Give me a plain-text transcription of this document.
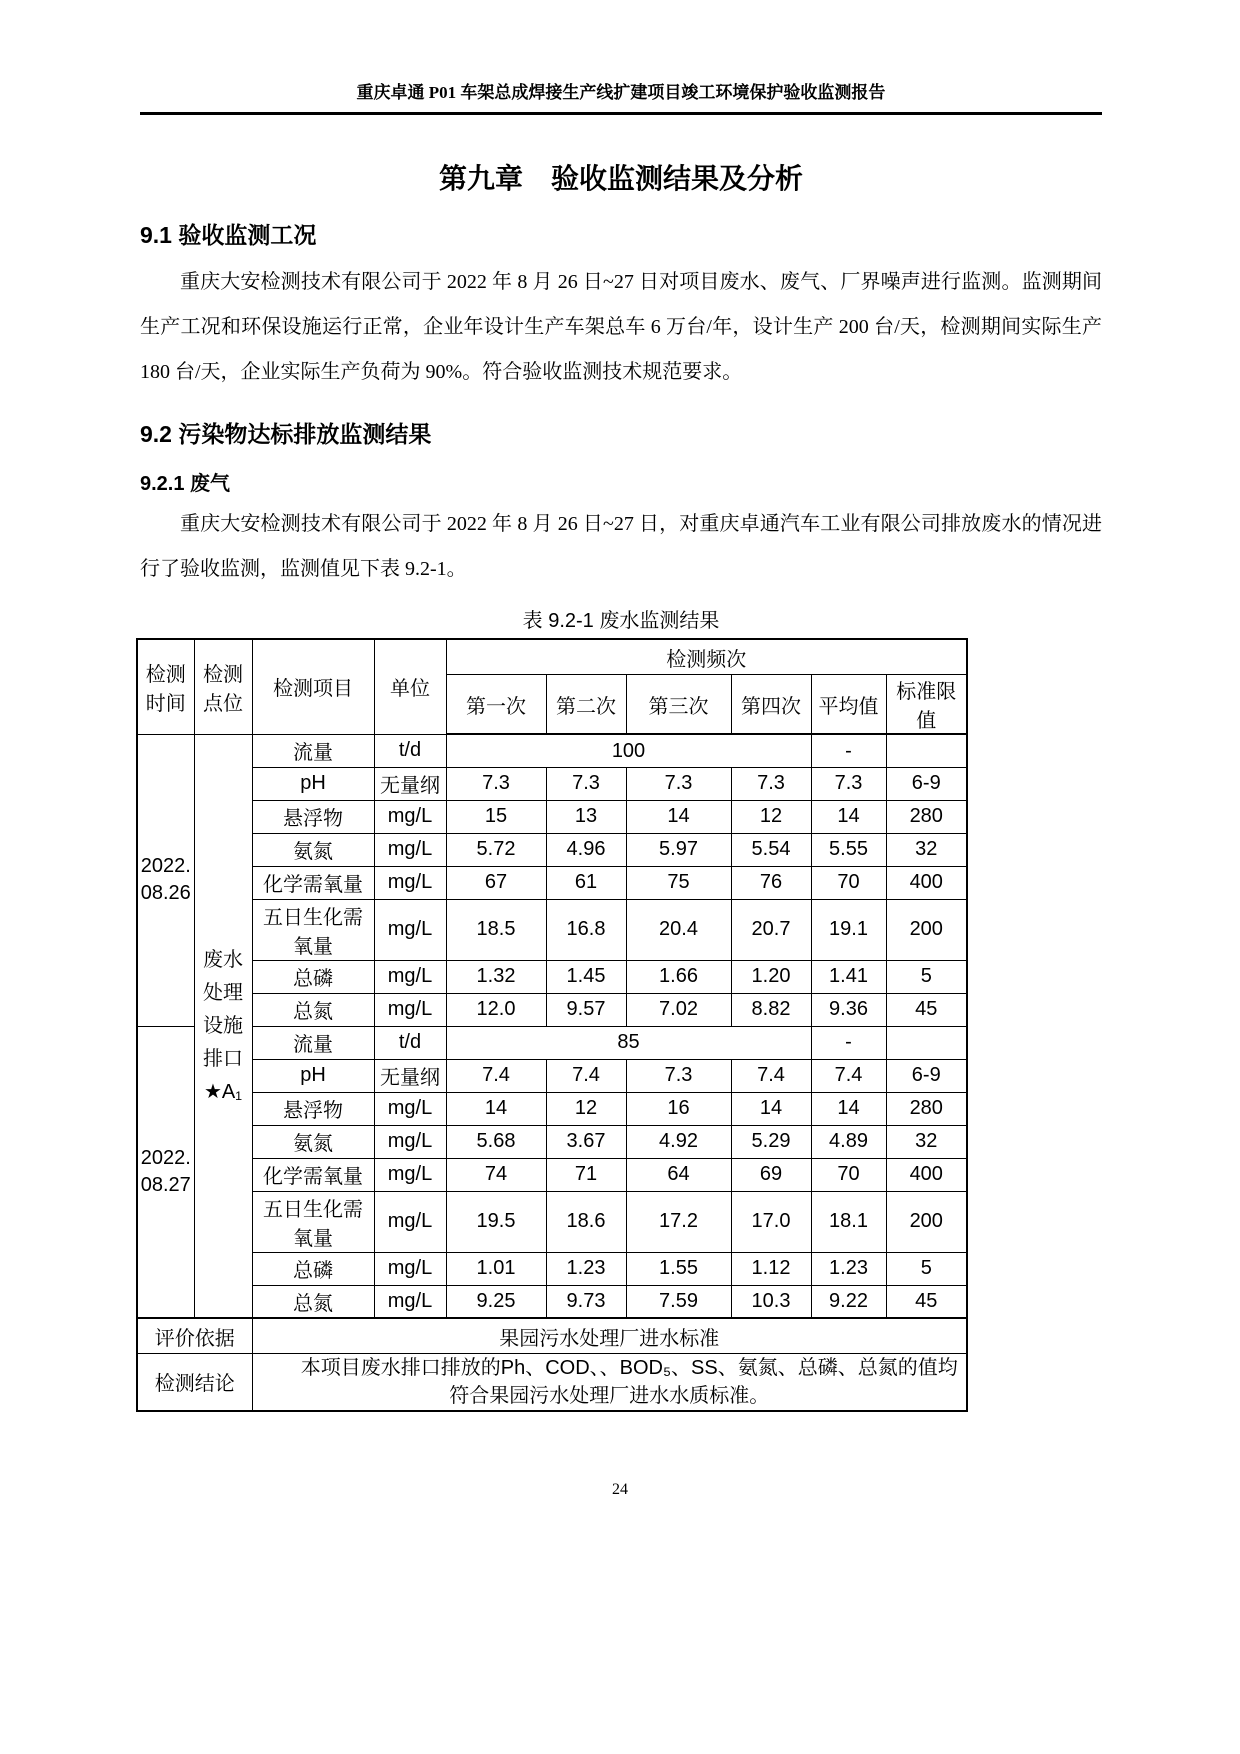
重庆卓通 P01 车架总成焊接生产线扩建项目竣工环境保护验收监测报告
第九章　验收监测结果及分析
9.1 验收监测工况

重庆大安检测技术有限公司于 2022 年 8 月 26 日~27 日对项目废水、废气、厂界噪声进行监测。监测期间生产工况和环保设施运行正常，企业年设计生产车架总车 6 万台/年，设计生产 200 台/天，检测期间实际生产 180 台/天，企业实际生产负荷为 90%。符合验收监测技术规范要求。

9.2 污染物达标排放监测结果
9.2.1 废气

重庆大安检测技术有限公司于 2022 年 8 月 26 日~27 日，对重庆卓通汽车工业有限公司排放废水的情况进行了验收监测，监测值见下表 9.2-1。

表 9.2-1 废水监测结果
检测时间	检测点位	检测项目	单位	检测频次					
				第一次	第二次	第三次	第四次	平均值	标准限值

2022.
08.26	废水处理设施排口★A₁	流量	t/d	100				-	
		pH	无量纲	7.3	7.3	7.3	7.3	7.3	6-9
		悬浮物	mg/L	15	13	14	12	14	280
		氨氮	mg/L	5.72	4.96	5.97	5.54	5.55	32
		化学需氧量	mg/L	67	61	75	76	70	400
		五日生化需氧量	mg/L	18.5	16.8	20.4	20.7	19.1	200
		总磷	mg/L	1.32	1.45	1.66	1.20	1.41	5
		总氮	mg/L	12.0	9.57	7.02	8.82	9.36	45

2022.
08.27		流量	t/d	85				-	
		pH	无量纲	7.4	7.4	7.3	7.4	7.4	6-9
		悬浮物	mg/L	14	12	16	14	14	280
		氨氮	mg/L	5.68	3.67	4.92	5.29	4.89	32
		化学需氧量	mg/L	74	71	64	69	70	400
		五日生化需氧量	mg/L	19.5	18.6	17.2	17.0	18.1	200
		总磷	mg/L	1.01	1.23	1.55	1.12	1.23	5
		总氮	mg/L	9.25	9.73	7.59	10.3	9.22	45
评价依据		果园污水处理厂进水标准							
检测结论		本项目废水排口排放的Ph、COD、、BOD₅、SS、氨氮、总磷、总氮的值均符合果园污水处理厂进水水质标准。							
24
